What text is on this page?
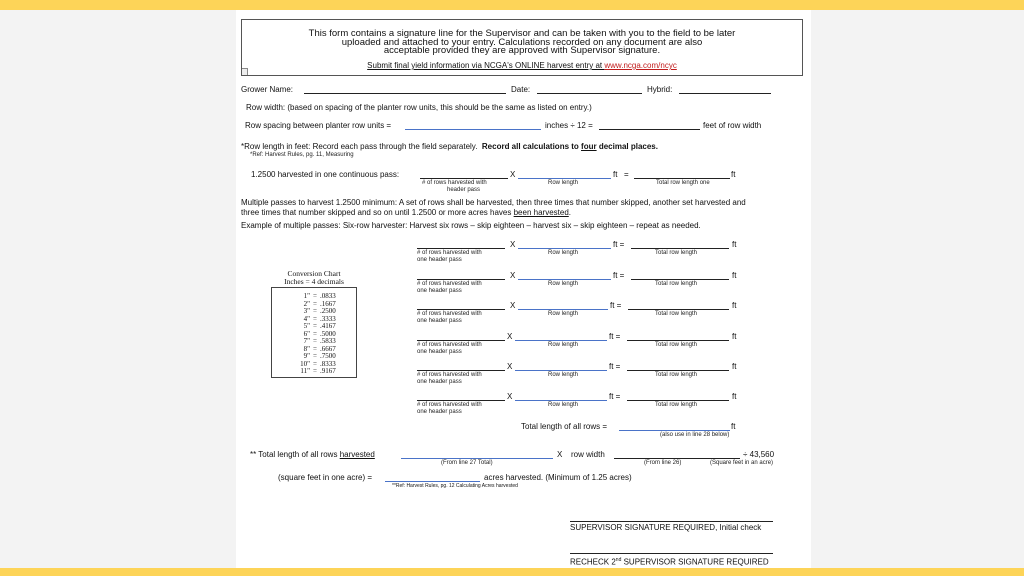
This form contains a signature line for the Supervisor and can be taken with you to the field to be later
uploaded and attached to your entry. Calculations recorded on any document are also
acceptable provided they are approved with Supervisor signature.
Submit final yield information via NCGA's ONLINE harvest entry at www.ncga.com/ncyc
Grower Name:	Date:	Hybrid:
Row width: (based on spacing of the planter row units, this should be the same as listed on entry.)
Row spacing between planter row units =	inches ÷ 12 =	feet of row width
*Row length in feet: Record each pass through the field separately. Record all calculations to four decimal places.
*Ref: Harvest Rules, pg. 11, Measuring
1.2500 harvested in one continuous pass:	X	ft =	ft
# of rows harvested with
header pass
Row length	Total row length one
Multiple passes to harvest 1.2500 minimum: A set of rows shall be harvested, then three times that number skipped, another set harvested and
three times that number skipped and so on until 1.2500 or more acres haves been harvested.
Example of multiple passes: Six-row harvester: Harvest six rows – skip eighteen – harvest six – skip eighteen – repeat as needed.
X	ft =	ft
# of rows harvested with
one header pass
Row length	Total row length
X	ft =	ft
# of rows harvested with
one header pass
Row length	Total row length
X	ft =	ft
# of rows harvested with
one header pass
Row length	Total row length
X	ft =	ft
# of rows harvested with
one header pass
Row length	Total row length
X	ft =	ft
# of rows harvested with
one header pass
Row length	Total row length
X	ft =	ft
# of rows harvested with
one header pass
Row length	Total row length
Conversion Chart
Inches = 4 decimals
1" = .0833
2" = .1667
3" = .2500
4" = .3333
5" = .4167
6" = .5000
7" = .5833
8" = .6667
9" = .7500
10" = .8333
11" = .9167
Total length of all rows =	ft
(also use in line 28 below)
** Total length of all rows harvested	X row width	÷ 43,560
(From line 27 Total)	(From line 26)	(Square feet in an acre)
(square feet in one acre) =	acres harvested. (Minimum of 1.25 acres)
**Ref: Harvest Rules, pg. 12 Calculating Acres harvested
SUPERVISOR SIGNATURE REQUIRED, Initial check
RECHECK 2nd SUPERVISOR SIGNATURE REQUIRED
